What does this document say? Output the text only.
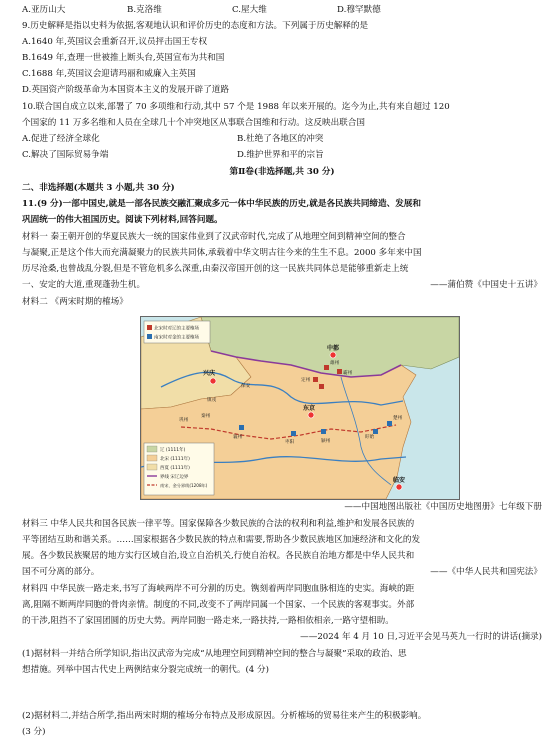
A.亚历山大	B.克洛维	C.屋大维	D.穆罕默德
9.历史解释是指以史料为依据,客观地认识和评价历史的态度和方法。下列属于历史解释的是
A.1640 年,英国议会重新召开,议员抨击国王专权
B.1649 年,查理一世被推上断头台,英国宣布为共和国
C.1688 年,英国议会迎请玛丽和威廉入主英国
D.英国资产阶级革命为本国资本主义的发展开辟了道路
10.联合国自成立以来,部署了 70 多项维和行动,其中 57 个是 1988 年以来开展的。迄今为止,共有来自超过 120
个国家的 11 万多名维和人员在全球几十个冲突地区从事联合国维和行动。这反映出联合国
A.促进了经济全球化	B.杜绝了各地区的冲突
C.解决了国际贸易争端	D.维护世界和平的宗旨
第Ⅱ卷(非选择题,共 30 分)
二、非选择题(本题共 3 小题,共 30 分)
11.(9 分)一部中国史,就是一部各民族交融汇聚成多元一体中华民族的历史,就是各民族共同缔造、发展和
巩固统一的伟大祖国历史。阅读下列材料,回答问题。
材料一 秦王朝开创的华夏民族大一统的国家伟业到了汉武帝时代,完成了从地理空间到精神空间的整合
与凝聚,正是这个伟大而充满凝聚力的民族共同体,承载着中华文明古往今来的生生不息。2000 多年来中国
历尽沧桑,也曾战乱分裂,但是不管危机多么深重,由秦汉帝国开创的这一民族共同体总是能够重新走上统
一、安定的大道,重现蓬勃生机。	——蒲伯赞《中国史十五讲》
材料二 《两宋时期的榷场》
北宋时对辽的主要榷场
南宋时对金的主要榷场
辽 (1111年)
北宋 (1111年)
西夏 (1111年)
界线 宋辽边界
南宋、金分界线(1208年)
中都
兴庆
东京
临安
雄州
霸州
定州
保安
镇戎
秦州
巩州
盱眙
襄州
楚州
颍州
枣阳
——中国地图出版社《中国历史地图册》七年级下册
材料三 中华人民共和国各民族一律平等。国家保障各少数民族的合法的权利和利益,维护和发展各民族的
平等团结互助和谐关系。……国家根据各少数民族的特点和需要,帮助各少数民族地区加速经济和文化的发
展。各少数民族聚居的地方实行区域自治,设立自治机关,行使自治权。各民族自治地方都是中华人民共和
国不可分离的部分。	——《中华人民共和国宪法》
材料四 中华民族一路走来,书写了海峡两岸不可分割的历史。镌刻着两岸同胞血脉相连的史实。海峡的距
离,阻隔不断两岸同胞的骨肉亲情。制度的不同,改变不了两岸同属一个国家、一个民族的客观事实。外部
的干涉,阻挡不了家国团圆的历史大势。两岸同胞一路走来,一路扶持,一路相依相亲,一路守望相助。
——2024 年 4 月 10 日,习近平会见马英九一行时的讲话(摘录)
(1)据材料一并结合所学知识,指出汉武帝为完成“从地理空间到精神空间的整合与凝聚”采取的政治、思
想措施。列举中国古代史上两例结束分裂完成统一的朝代。(4 分)
(2)据材料二,并结合所学,指出两宋时期的榷场分布特点及形成原因。分析榷场的贸易往来产生的积极影响。
(3 分)
